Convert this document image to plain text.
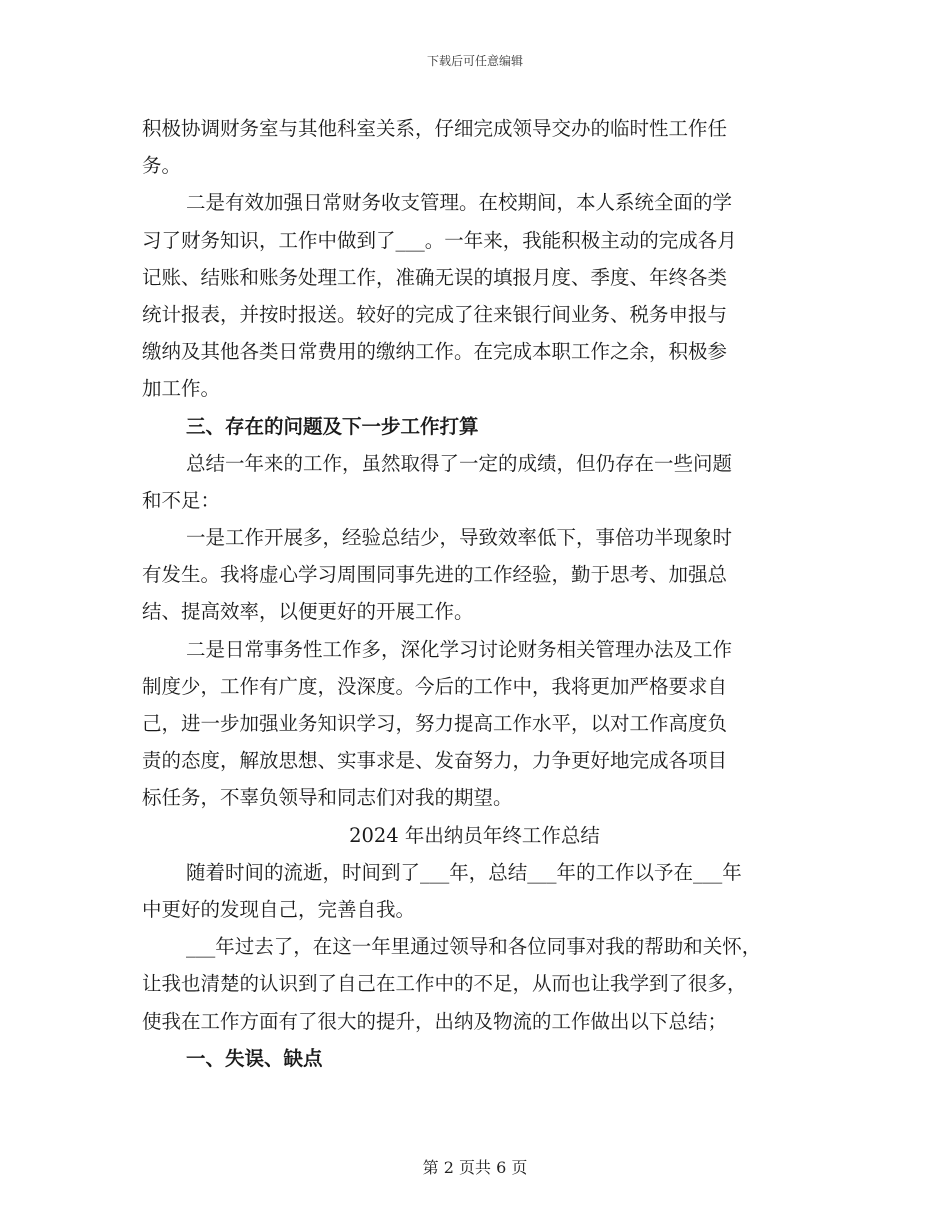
下载后可任意编辑
积极协调财务室与其他科室关系，仔细完成领导交办的临时性工作任
务。
二是有效加强日常财务收支管理。在校期间，本人系统全面的学
习了财务知识，工作中做到了___。一年来，我能积极主动的完成各月
记账、结账和账务处理工作，准确无误的填报月度、季度、年终各类
统计报表，并按时报送。较好的完成了往来银行间业务、税务申报与
缴纳及其他各类日常费用的缴纳工作。在完成本职工作之余，积极参
加工作。
三、存在的问题及下一步工作打算
总结一年来的工作，虽然取得了一定的成绩，但仍存在一些问题
和不足：
一是工作开展多，经验总结少，导致效率低下，事倍功半现象时
有发生。我将虚心学习周围同事先进的工作经验，勤于思考、加强总
结、提高效率，以便更好的开展工作。
二是日常事务性工作多，深化学习讨论财务相关管理办法及工作
制度少，工作有广度，没深度。今后的工作中，我将更加严格要求自
己，进一步加强业务知识学习，努力提高工作水平，以对工作高度负
责的态度，解放思想、实事求是、发奋努力，力争更好地完成各项目
标任务，不辜负领导和同志们对我的期望。
2024 年出纳员年终工作总结
随着时间的流逝，时间到了___年，总结___年的工作以予在___年
中更好的发现自己，完善自我。
___年过去了，在这一年里通过领导和各位同事对我的帮助和关怀，
让我也清楚的认识到了自己在工作中的不足，从而也让我学到了很多，
使我在工作方面有了很大的提升，出纳及物流的工作做出以下总结；
一、失误、缺点
第 2 页共 6 页
